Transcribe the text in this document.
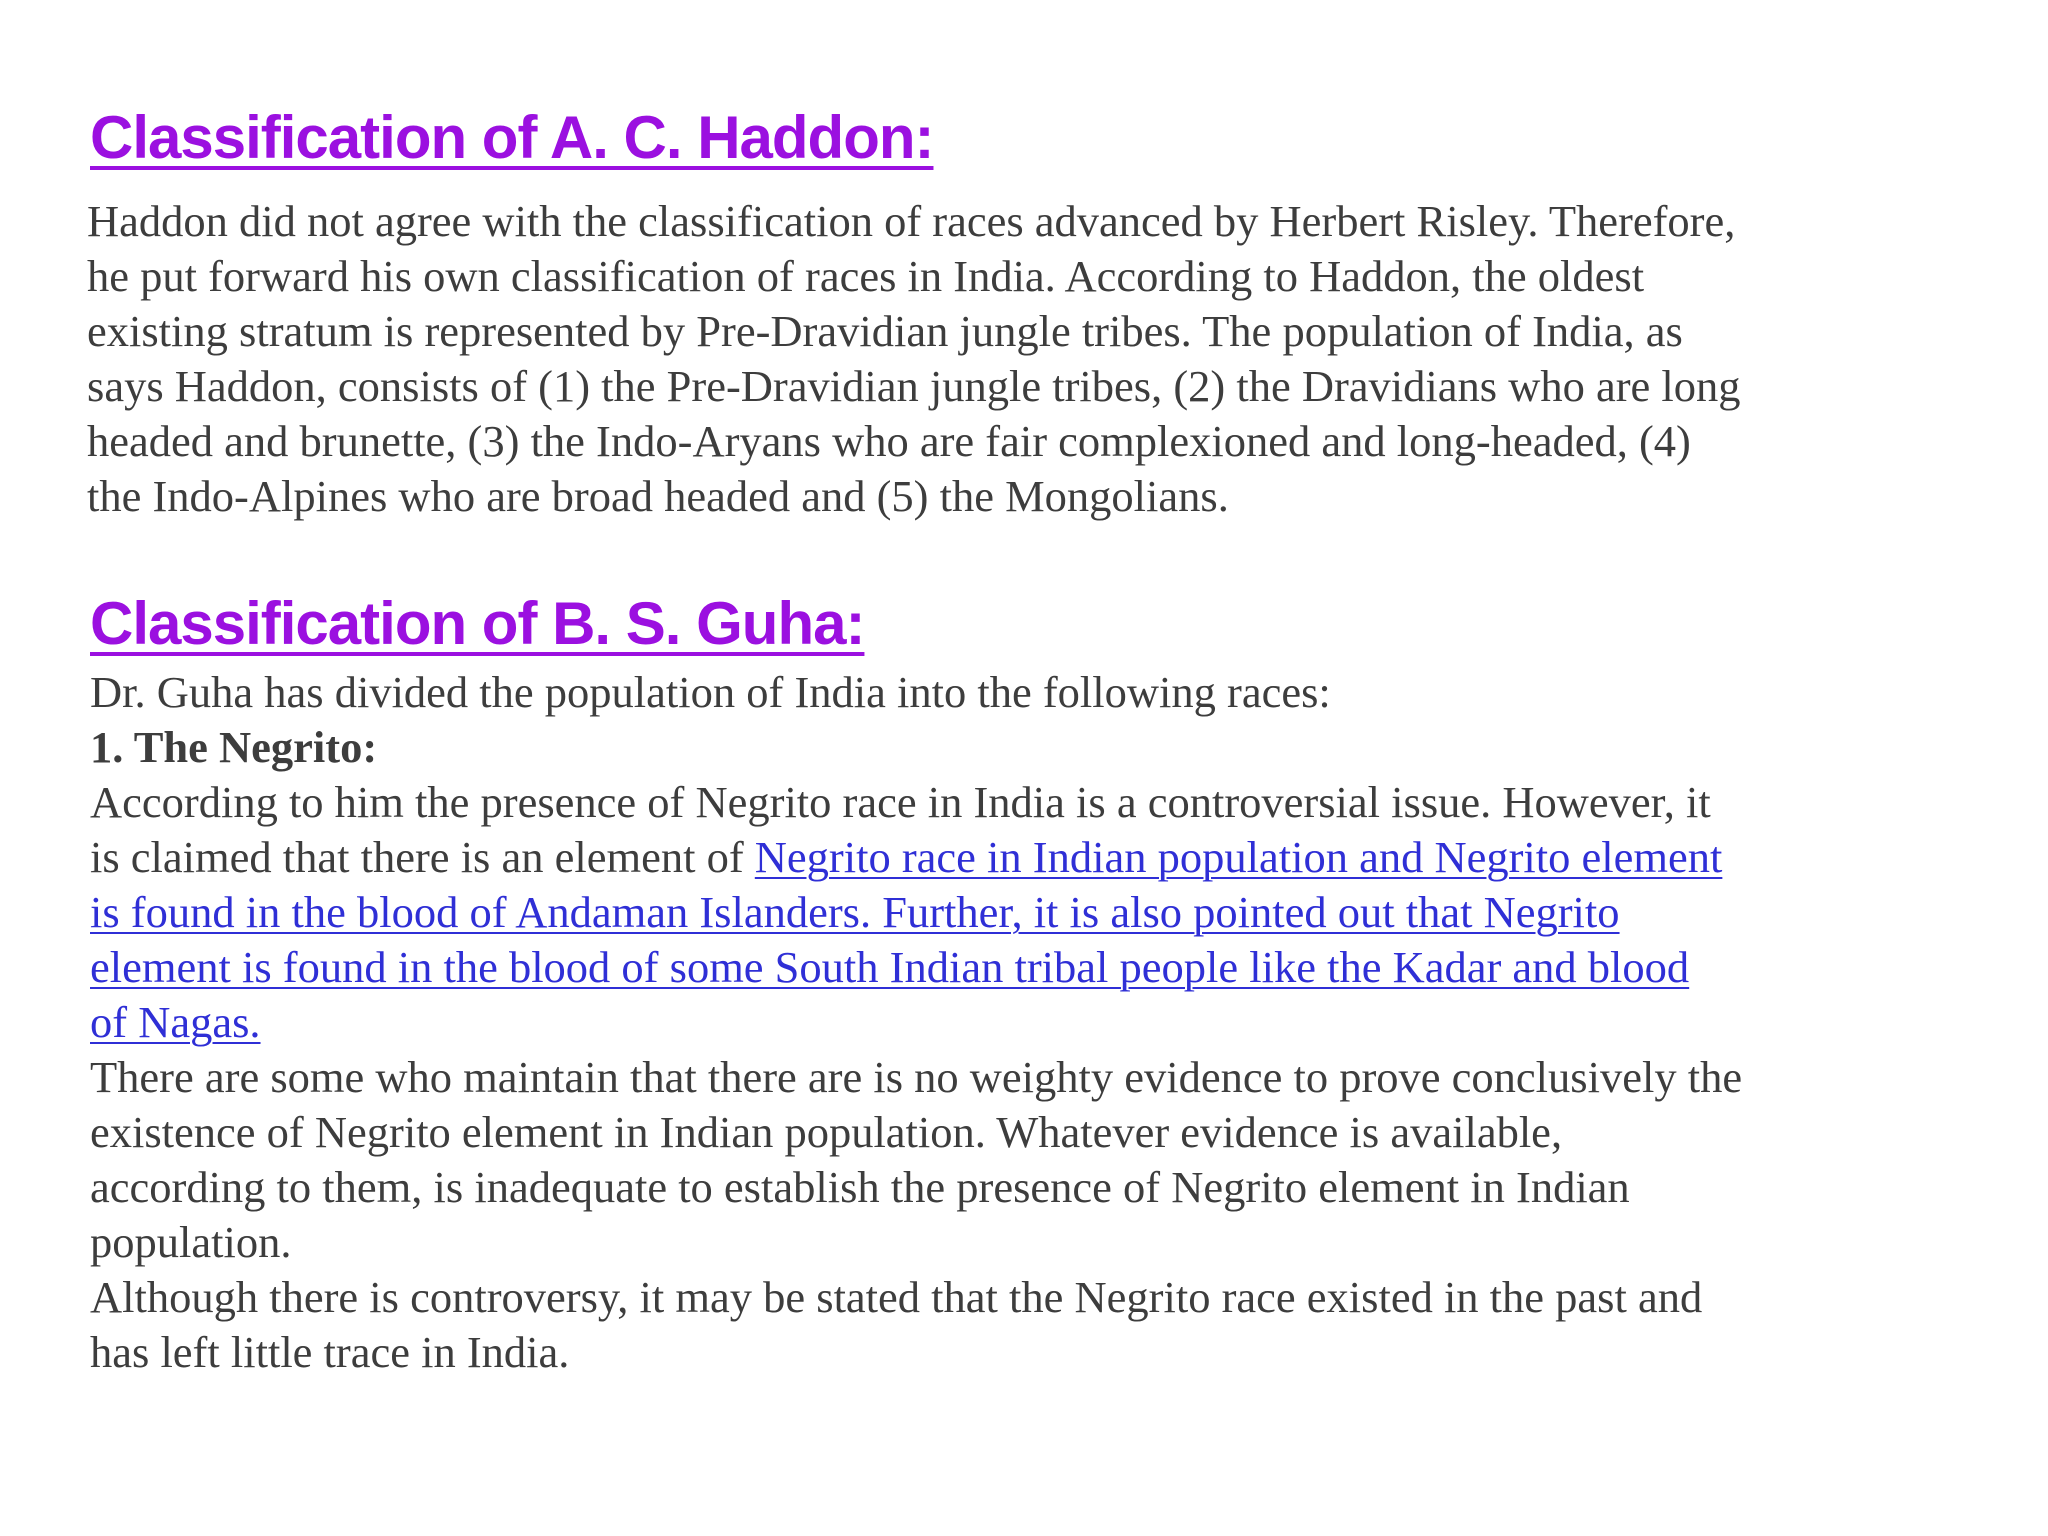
Classification of A. C. Haddon:
Haddon did not agree with the classification of races advanced by Herbert Risley. Therefore,
he put forward his own classification of races in India. According to Haddon, the oldest
existing stratum is represented by Pre-Dravidian jungle tribes. The population of India, as
says Haddon, consists of (1) the Pre-Dravidian jungle tribes, (2) the Dravidians who are long
headed and brunette, (3) the Indo-Aryans who are fair complexioned and long-headed, (4)
the Indo-Alpines who are broad headed and (5) the Mongolians.
Classification of B. S. Guha:
Dr. Guha has divided the population of India into the following races:
1. The Negrito:
According to him the presence of Negrito race in India is a controversial issue. However, it
is claimed that there is an element of Negrito race in Indian population and Negrito element
is found in the blood of Andaman Islanders. Further, it is also pointed out that Negrito
element is found in the blood of some South Indian tribal people like the Kadar and blood
of Nagas.
There are some who maintain that there are is no weighty evidence to prove conclusively the
existence of Negrito element in Indian population. Whatever evidence is available,
according to them, is inadequate to establish the presence of Negrito element in Indian
population.
Although there is controversy, it may be stated that the Negrito race existed in the past and
has left little trace in India.
